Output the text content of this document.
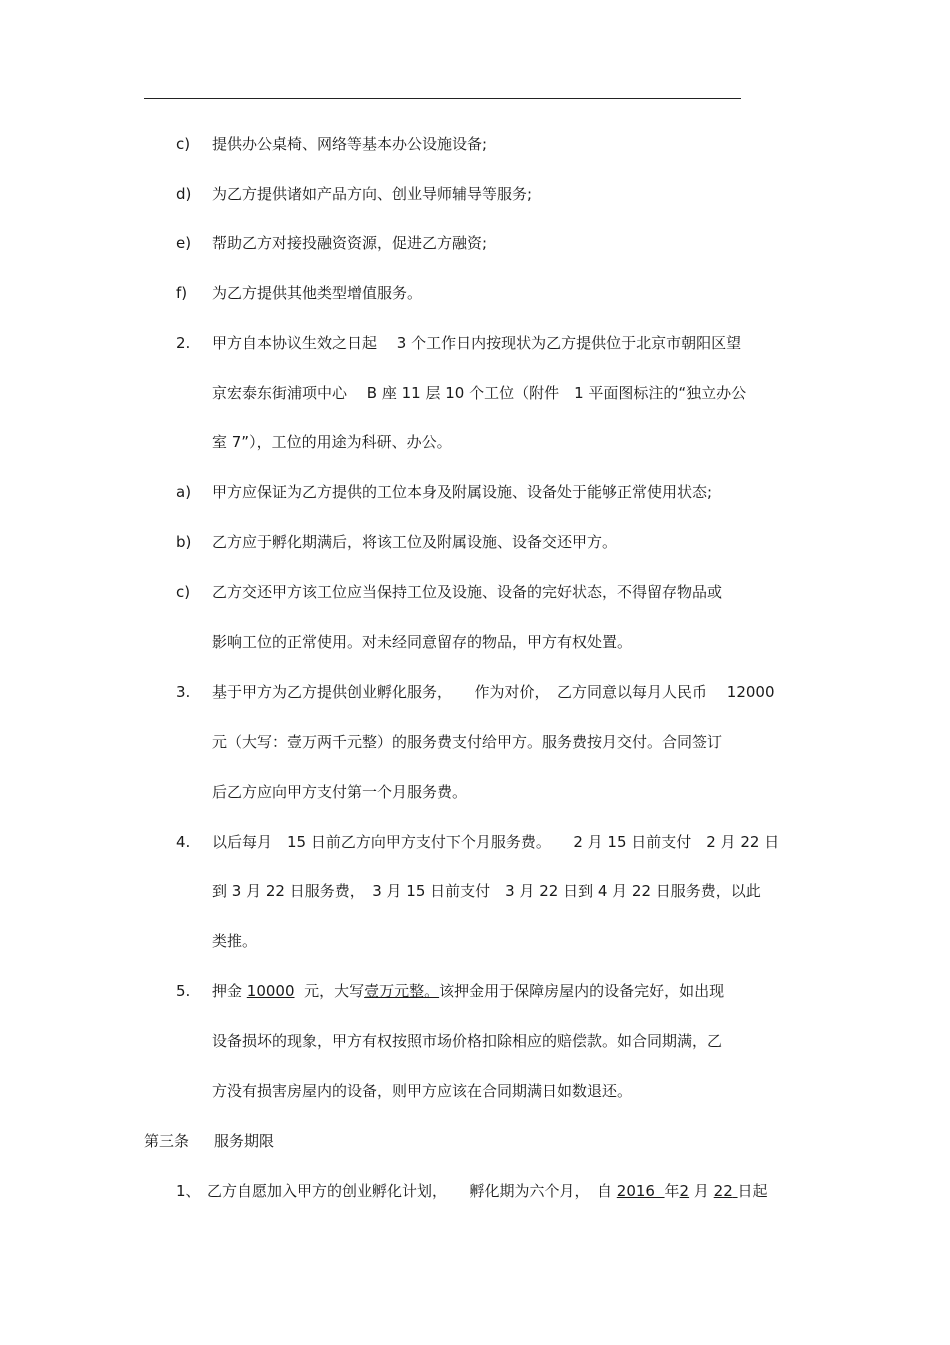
c) 提供办公桌椅、网络等基本办公设施设备;
d) 为乙方提供诸如产品方向、创业导师辅导等服务;
e) 帮助乙方对接投融资资源，促进乙方融资;
f) 为乙方提供其他类型增值服务。
2. 甲方自本协议生效之日起　 3 个工作日内按现状为乙方提供位于北京市朝阳区望
京宏泰东街浦项中心　 B 座 11 层 10 个工位（附件　1 平面图标注的“独立办公
室 7”），工位的用途为科研、办公。
a) 甲方应保证为乙方提供的工位本身及附属设施、设备处于能够正常使用状态;
b) 乙方应于孵化期满后，将该工位及附属设施、设备交还甲方。
c) 乙方交还甲方该工位应当保持工位及设施、设备的完好状态，不得留存物品或
影响工位的正常使用。对未经同意留存的物品，甲方有权处置。
3. 基于甲方为乙方提供创业孵化服务，　　作为对价，　乙方同意以每月人民币　 12000
元（大写：壹万两千元整）的服务费支付给甲方。服务费按月交付。合同签订
后乙方应向甲方支付第一个月服务费。
4. 以后每月　15 日前乙方向甲方支付下个月服务费。　　2 月 15 日前支付　2 月 22 日
到 3 月 22 日服务费，　3 月 15 日前支付　3 月 22 日到 4 月 22 日服务费，以此
类推。
5. 押金 10000 元，大写壹万元整。该押金用于保障房屋内的设备完好，如出现
设备损坏的现象，甲方有权按照市场价格扣除相应的赔偿款。如合同期满，乙
方没有损害房屋内的设备，则甲方应该在合同期满日如数退还。
第三条 服务期限
1、 乙方自愿加入甲方的创业孵化计划，　　孵化期为六个月，　自 2016 年2 月 22 日起
